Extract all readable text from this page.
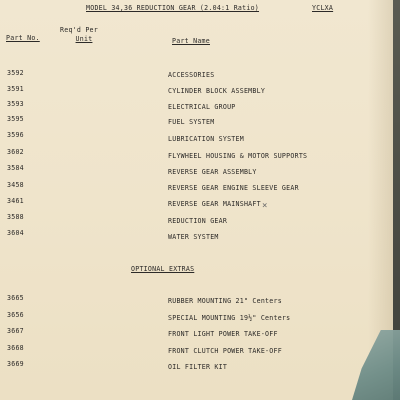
MODEL 34,36 REDUCTION GEAR (2.04:1 Ratio)	YCLXA
Part No.
Req'd Per
Unit	Part Name
3592	ACCESSORIES
3591	CYLINDER BLOCK ASSEMBLY
3593	ELECTRICAL GROUP
3595	FUEL SYSTEM
3596	LUBRICATION SYSTEM
3602	FLYWHEEL HOUSING & MOTOR SUPPORTS
3584	REVERSE GEAR ASSEMBLY
3458	REVERSE GEAR ENGINE SLEEVE GEAR
3461	REVERSE GEAR MAINSHAFT ×
3588	REDUCTION GEAR
3604	WATER SYSTEM
OPTIONAL EXTRAS
3665	RUBBER MOUNTING 21" Centers
3656	SPECIAL MOUNTING 19½" Centers
3667	FRONT LIGHT POWER TAKE-OFF
3668	FRONT CLUTCH POWER TAKE-OFF
3669	OIL FILTER KIT
